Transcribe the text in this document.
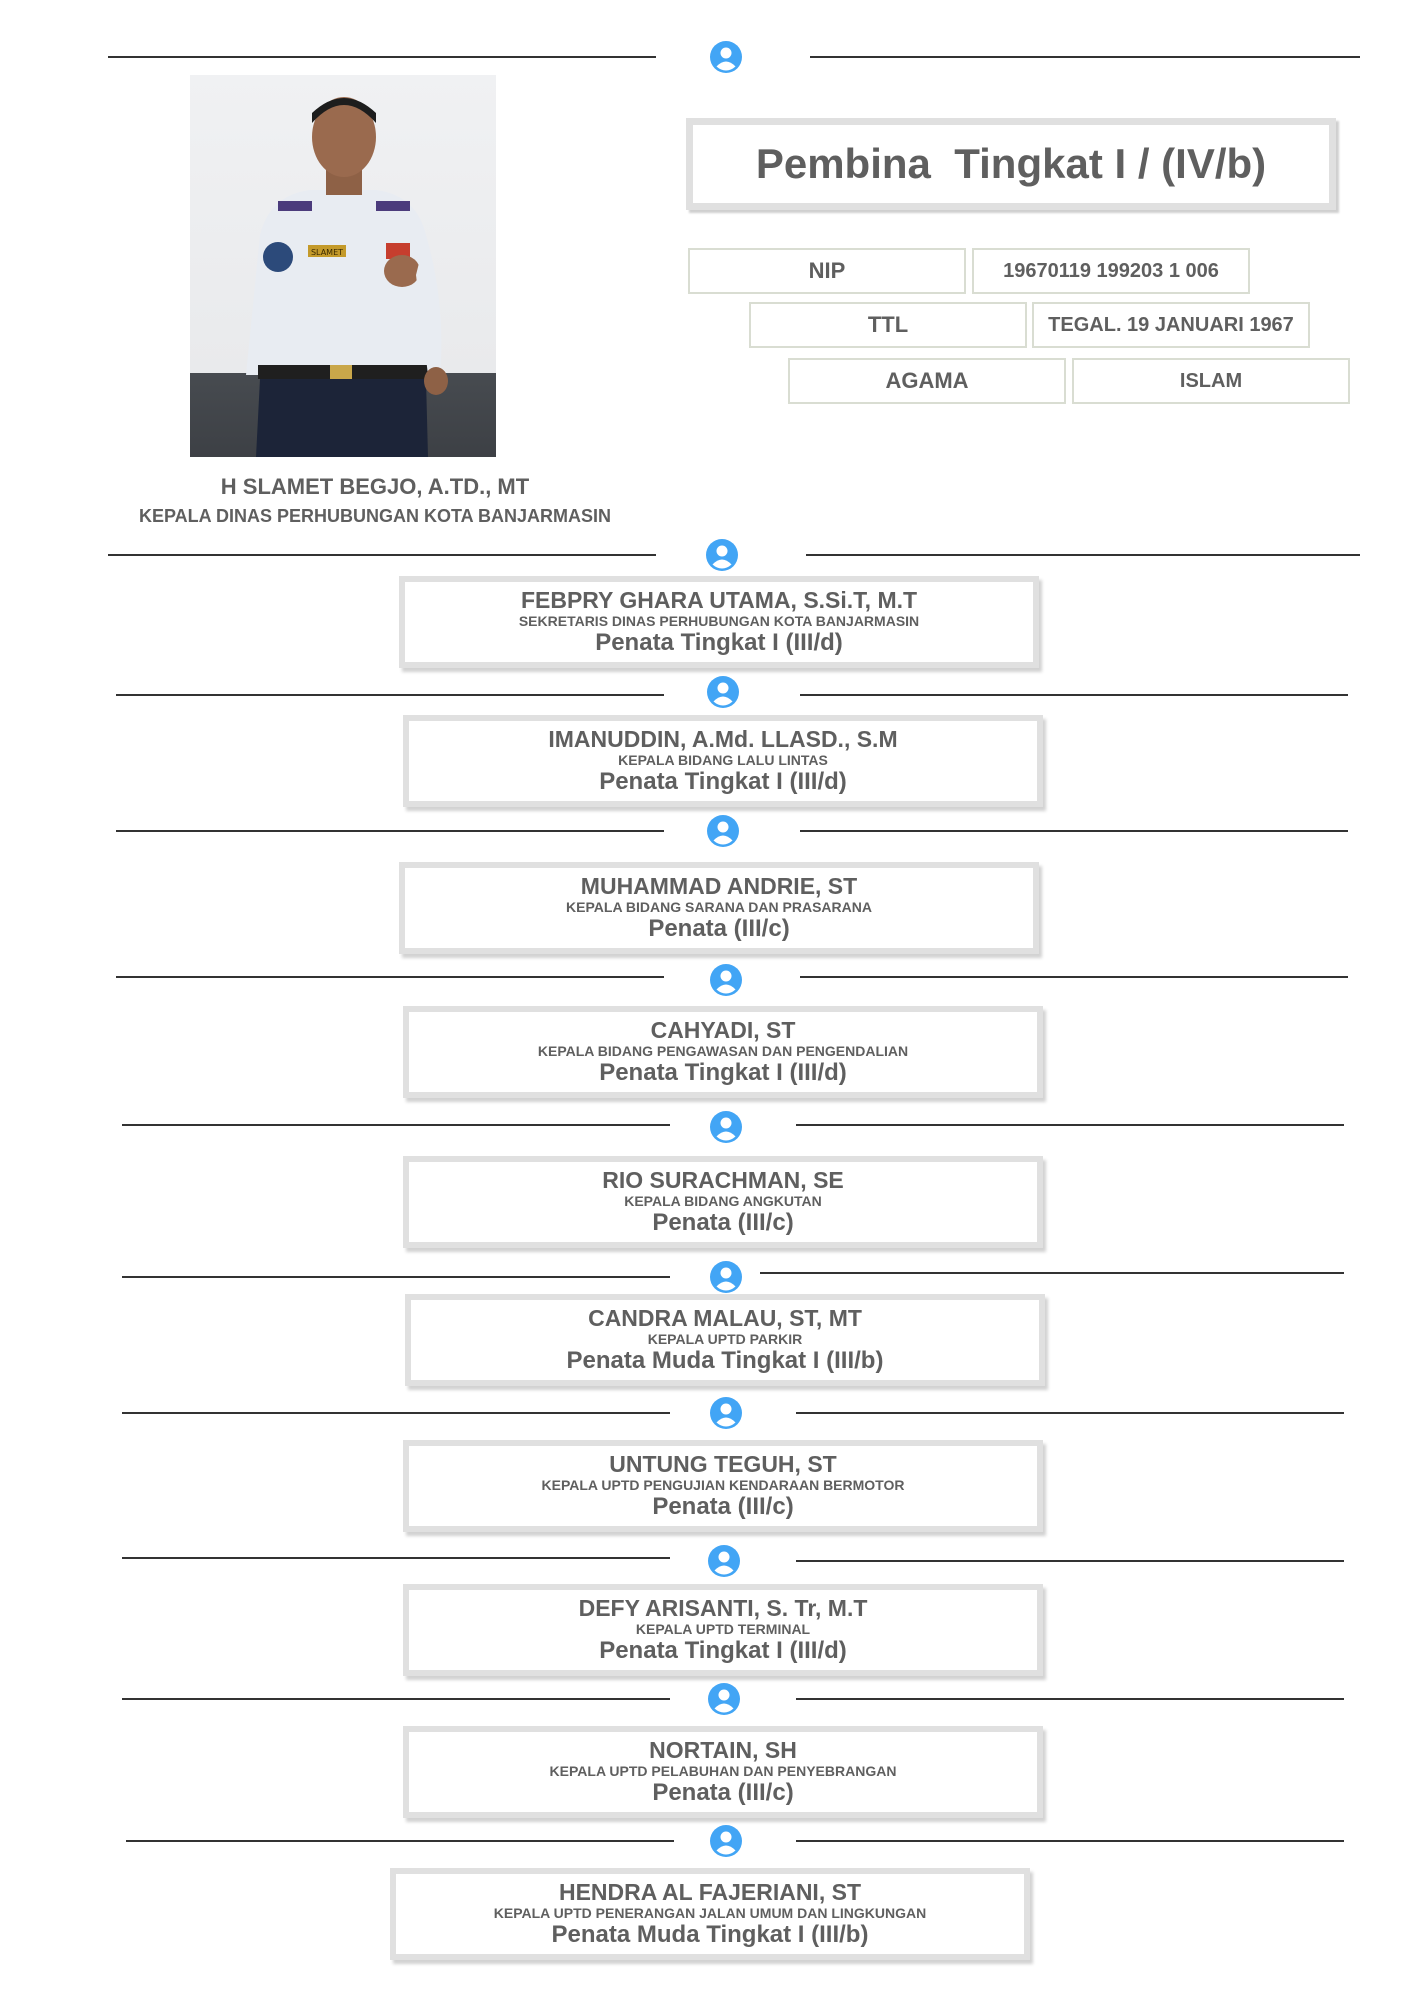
SLAMET
H SLAMET BEGJO, A.TD., MT
KEPALA DINAS PERHUBUNGAN KOTA BANJARMASIN
Pembina  Tingkat I / (IV/b)
NIP	19670119 199203 1 006
TTL	TEGAL. 19 JANUARI 1967
AGAMA	ISLAM
FEBPRY GHARA UTAMA, S.Si.T, M.T
SEKRETARIS DINAS PERHUBUNGAN KOTA BANJARMASIN
Penata Tingkat I (III/d)
IMANUDDIN, A.Md. LLASD., S.M
KEPALA BIDANG LALU LINTAS
Penata Tingkat I (III/d)
MUHAMMAD ANDRIE, ST
KEPALA BIDANG SARANA DAN PRASARANA
Penata (III/c)
CAHYADI, ST
KEPALA BIDANG PENGAWASAN DAN PENGENDALIAN
Penata Tingkat I (III/d)
RIO SURACHMAN, SE
KEPALA BIDANG ANGKUTAN
Penata (III/c)
CANDRA MALAU, ST, MT
KEPALA UPTD PARKIR
Penata Muda Tingkat I (III/b)
UNTUNG TEGUH, ST
KEPALA UPTD PENGUJIAN KENDARAAN BERMOTOR
Penata (III/c)
DEFY ARISANTI, S. Tr, M.T
KEPALA UPTD TERMINAL
Penata Tingkat I (III/d)
NORTAIN, SH
KEPALA UPTD PELABUHAN DAN PENYEBRANGAN
Penata (III/c)
HENDRA AL FAJERIANI, ST
KEPALA UPTD PENERANGAN JALAN UMUM DAN LINGKUNGAN
Penata Muda Tingkat I (III/b)
